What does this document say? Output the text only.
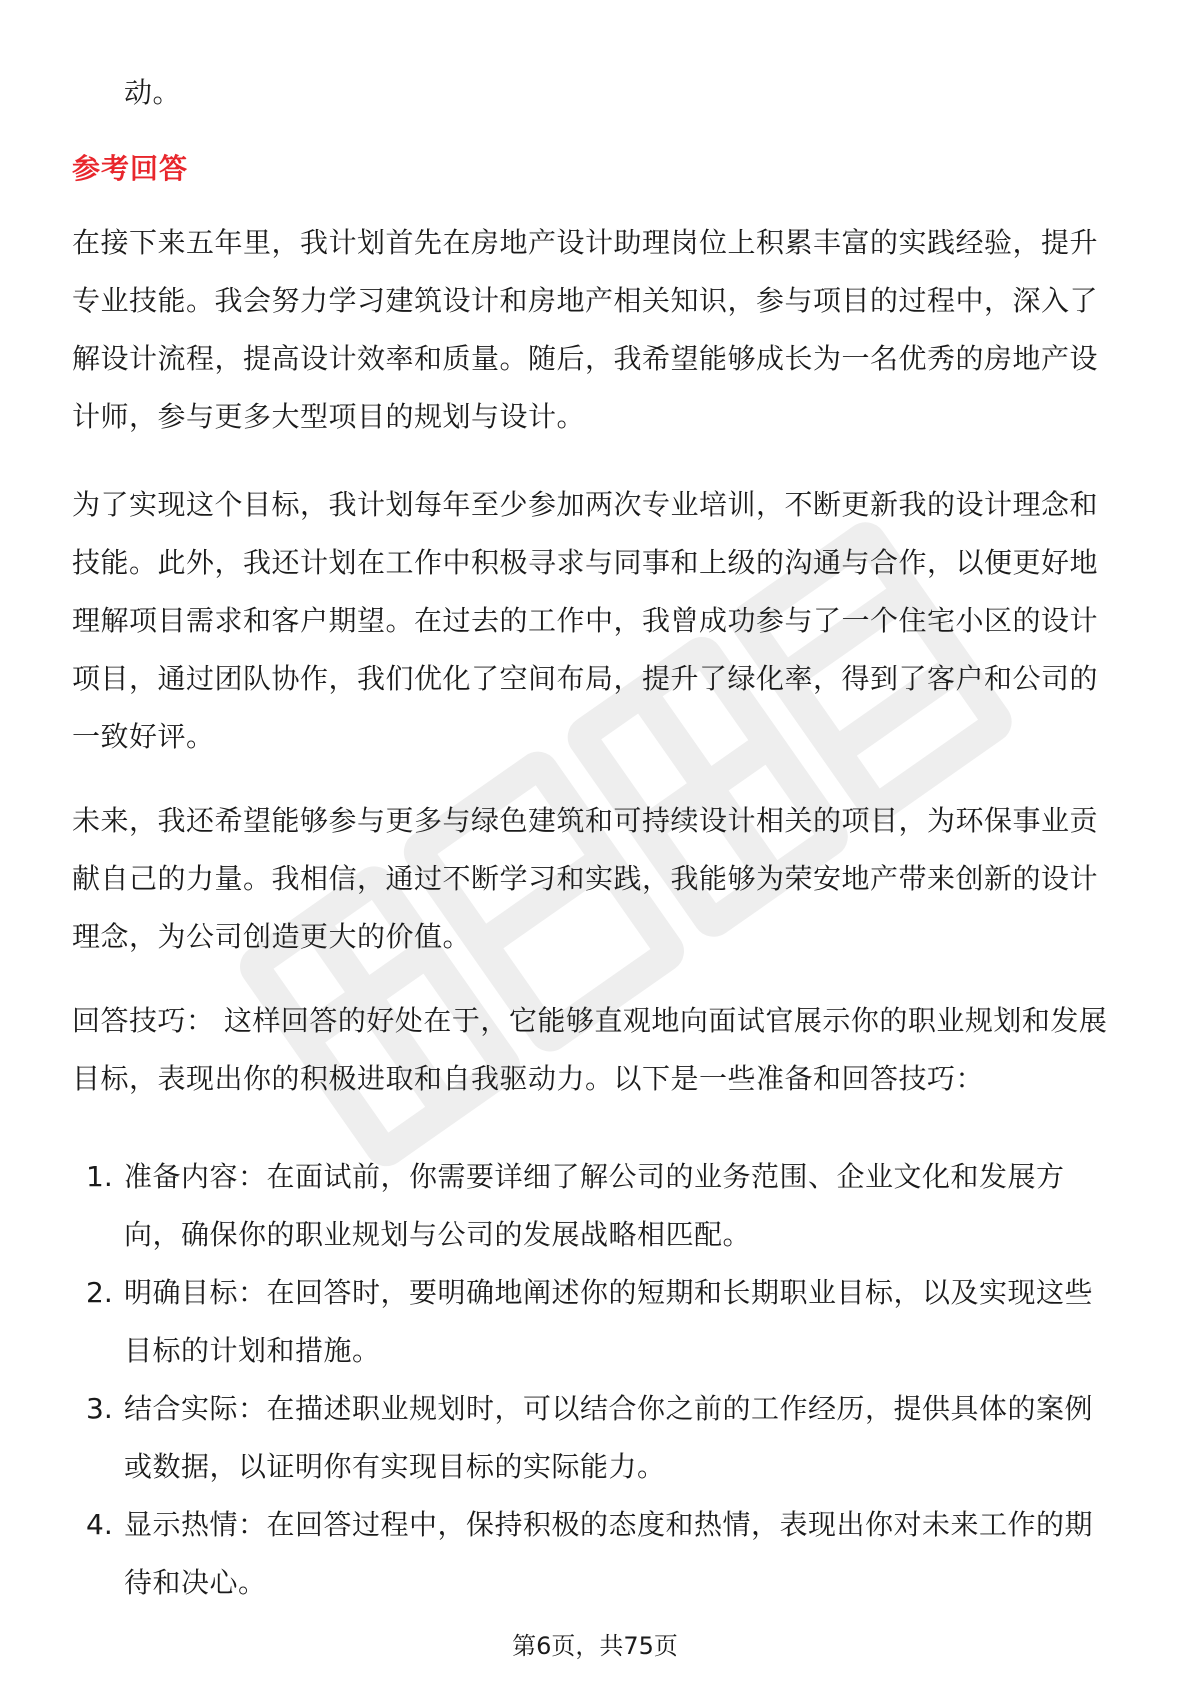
动。
参考回答
在接下来五年里，我计划首先在房地产设计助理岗位上积累丰富的实践经验，提升
专业技能。我会努力学习建筑设计和房地产相关知识，参与项目的过程中，深入了
解设计流程，提高设计效率和质量。随后，我希望能够成长为一名优秀的房地产设
计师，参与更多大型项目的规划与设计。
为了实现这个目标，我计划每年至少参加两次专业培训，不断更新我的设计理念和
技能。此外，我还计划在工作中积极寻求与同事和上级的沟通与合作，以便更好地
理解项目需求和客户期望。在过去的工作中，我曾成功参与了一个住宅小区的设计
项目，通过团队协作，我们优化了空间布局，提升了绿化率，得到了客户和公司的
一致好评。
未来，我还希望能够参与更多与绿色建筑和可持续设计相关的项目，为环保事业贡
献自己的力量。我相信，通过不断学习和实践，我能够为荣安地产带来创新的设计
理念，为公司创造更大的价值。
回答技巧： 这样回答的好处在于，它能够直观地向面试官展示你的职业规划和发展
目标，表现出你的积极进取和自我驱动力。以下是一些准备和回答技巧：
1. 准备内容：在面试前，你需要详细了解公司的业务范围、企业文化和发展方
向，确保你的职业规划与公司的发展战略相匹配。
2. 明确目标：在回答时，要明确地阐述你的短期和长期职业目标，以及实现这些
目标的计划和措施。
3. 结合实际：在描述职业规划时，可以结合你之前的工作经历，提供具体的案例
或数据，以证明你有实现目标的实际能力。
4. 显示热情：在回答过程中，保持积极的态度和热情，表现出你对未来工作的期
待和决心。
第6页，共75页
